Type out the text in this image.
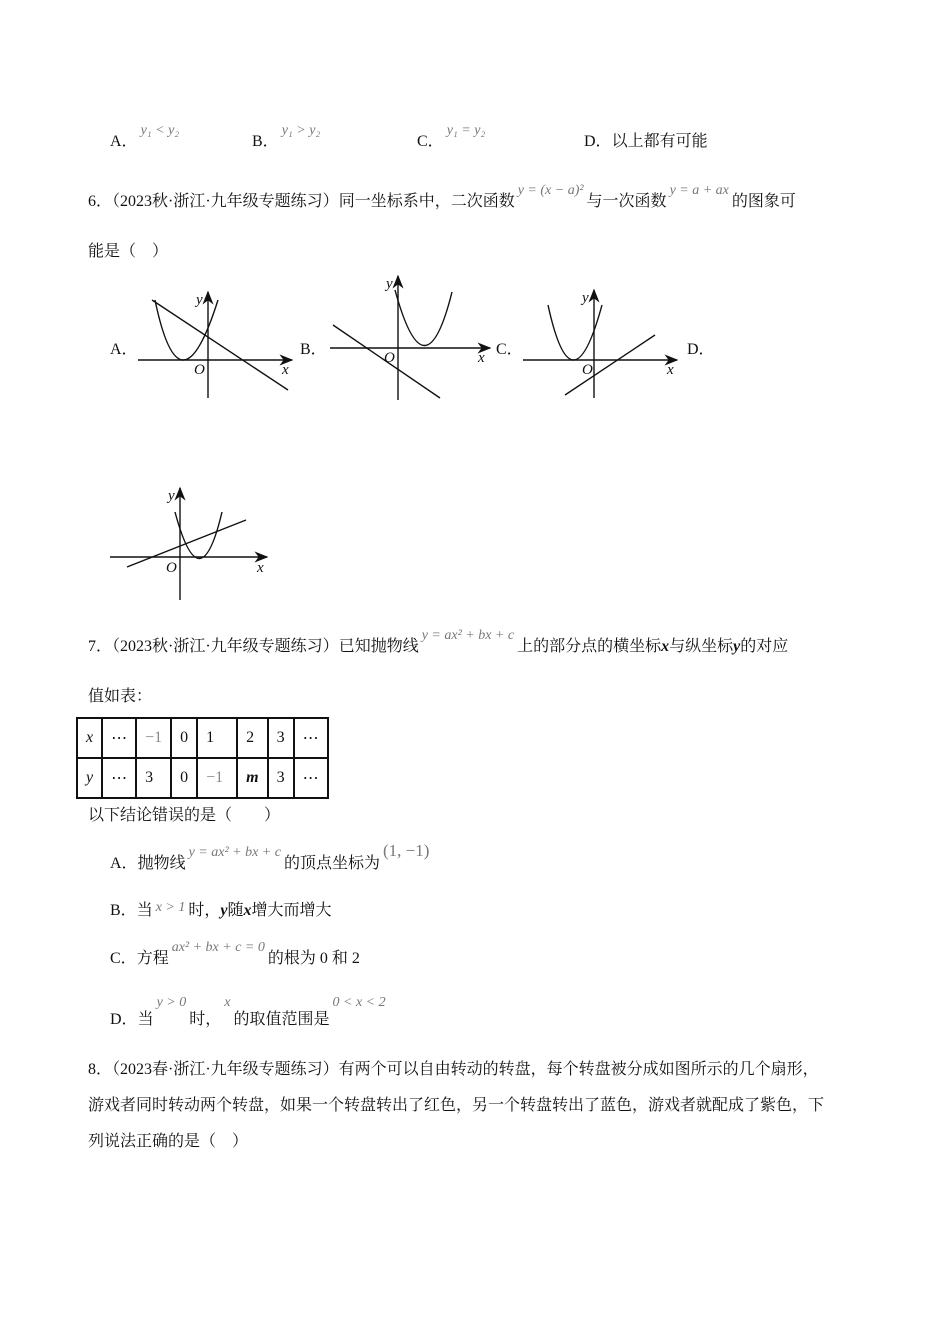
A．y₁ < y₂
B．y₁ > y₂
C．y₁ = y₂
D．以上都有可能
6．（2023秋·浙江·九年级专题练习）同一坐标系中，二次函数y = (x − a)²与一次函数y = a + ax的图象可
能是（　）
A．	B．	C．	D．
x
y
O
x
y
O
x
y
O
x
y
O
7．（2023秋·浙江·九年级专题练习）已知抛物线y = ax² + bx + c上的部分点的横坐标x与纵坐标y的对应
值如表：
x	⋯	−1	0	1	2	3	⋯
y	⋯	3	0	−1	m	3	⋯
以下结论错误的是（　　）
A．抛物线y = ax² + bx + c的顶点坐标为(1, −1)
B．当 x > 1 时，y随x增大而增大
C．方程ax² + bx + c = 0的根为 0 和 2
D．当y > 0时，x的取值范围是0 < x < 2
8．（2023春·浙江·九年级专题练习）有两个可以自由转动的转盘，每个转盘被分成如图所示的几个扇形，
游戏者同时转动两个转盘，如果一个转盘转出了红色，另一个转盘转出了蓝色，游戏者就配成了紫色，下
列说法正确的是（　）
